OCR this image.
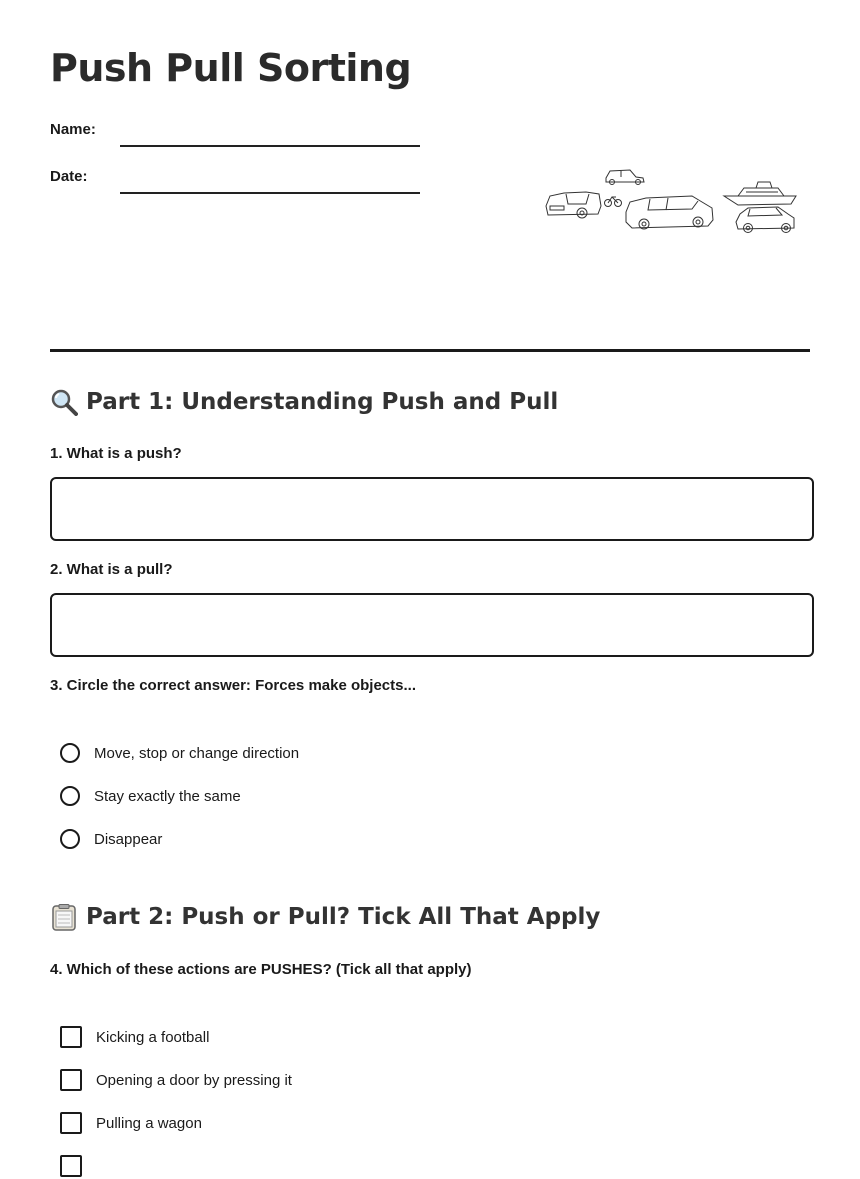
Push Pull Sorting
Name:
Date:
Part 1: Understanding Push and Pull
1. What is a push?
2. What is a pull?
3. Circle the correct answer: Forces make objects...
Move, stop or change direction
Stay exactly the same
Disappear
Part 2: Push or Pull? Tick All That Apply
4. Which of these actions are PUSHES? (Tick all that apply)
Kicking a football
Opening a door by pressing it
Pulling a wagon
